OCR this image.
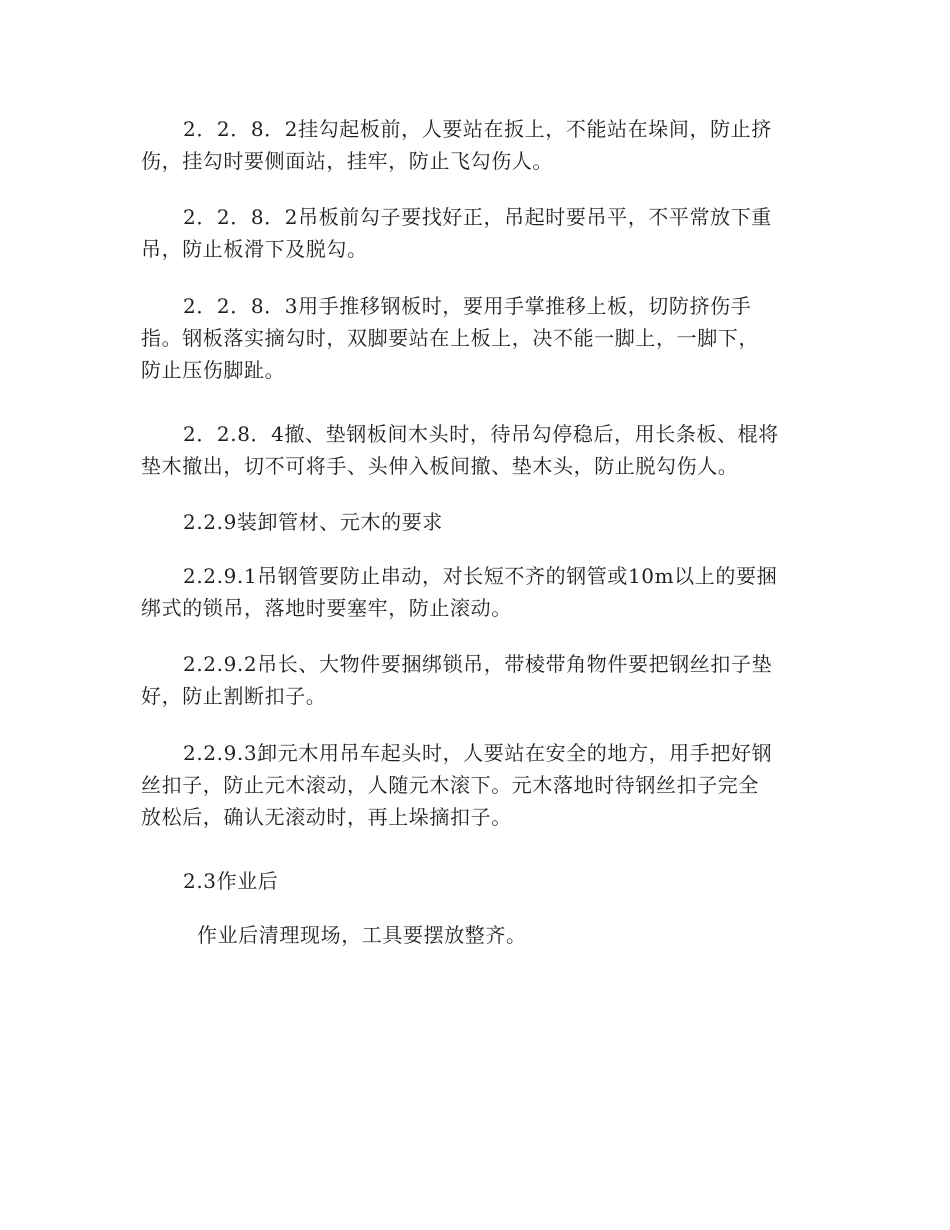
2．2．8．2挂勾起板前，人要站在扳上，不能站在垛间，防止挤
伤，挂勾时要侧面站，挂牢，防止飞勾伤人。

2．2．8．2吊板前勾子要找好正，吊起时要吊平，不平常放下重
吊，防止板滑下及脱勾。

2．2．8．3用手推移钢板时，要用手掌推移上板，切防挤伤手
指。钢板落实摘勾时，双脚要站在上板上，决不能一脚上，一脚下，
防止压伤脚趾。

2．2.8．4撤、垫钢板间木头时，待吊勾停稳后，用长条板、棍将
垫木撤出，切不可将手、头伸入板间撤、垫木头，防止脱勾伤人。

2.2.9装卸管材、元木的要求

2.2.9.1吊钢管要防止串动，对长短不齐的钢管或10m以上的要捆
绑式的锁吊，落地时要塞牢，防止滚动。

2.2.9.2吊长、大物件要捆绑锁吊，带棱带角物件要把钢丝扣子垫
好，防止割断扣子。

2.2.9.3卸元木用吊车起头时，人要站在安全的地方，用手把好钢
丝扣子，防止元木滚动，人随元木滚下。元木落地时待钢丝扣子完全
放松后，确认无滚动时，再上垛摘扣子。

2.3作业后

作业后清理现场，工具要摆放整齐。
